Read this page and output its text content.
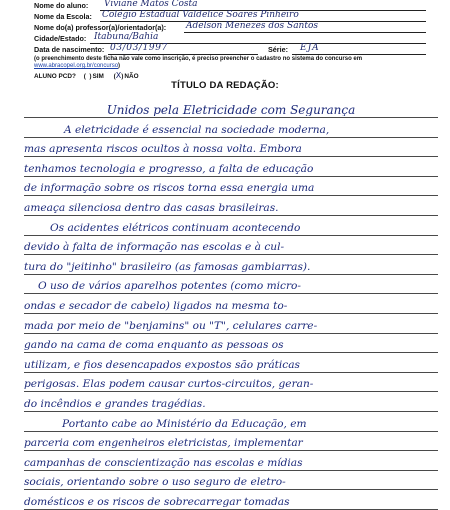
Nome do aluno: Viviane Matos Costa
Nome da Escola: Colégio Estadual Valdelice Soares Pinheiro
Nome do(a) professor(a)/orientador(a): Adelson Menezes dos Santos
Cidade/Estado: Itabuna/Bahia
Data de nascimento: 03/03/1997	Série: EJA
(o preenchimento deste ficha não vale como inscrição, é preciso preencher o cadastro no sistema do concurso em www.abracopel.org.br/concurso)
ALUNO PCD? (  )SIM (X)NÃO
TÍTULO DA REDAÇÃO:
Unidos pela Eletricidade com Segurança
A eletricidade é essencial na sociedade moderna,
mas apresenta riscos ocultos à nossa volta. Embora
tenhamos tecnologia e progresso, a falta de educação
de informação sobre os riscos torna essa energia uma
ameaça silenciosa dentro das casas brasileiras.
Os acidentes elétricos continuam acontecendo
devido à falta de informação nas escolas e à cul-
tura do "jeitinho" brasileiro (as famosas gambiarras).
O uso de vários aparelhos potentes (como micro-
ondas e secador de cabelo) ligados na mesma to-
mada por meio de "benjamins" ou "T", celulares carre-
gando na cama de coma enquanto as pessoas os
utilizam, e fios desencapados expostos são práticas
perigosas. Elas podem causar curtos-circuitos, geran-
do incêndios e grandes tragédias.
Portanto cabe ao Ministério da Educação, em
parceria com engenheiros eletricistas, implementar
campanhas de conscientização nas escolas e mídias
sociais, orientando sobre o uso seguro de eletro-
domésticos e os riscos de sobrecarregar tomadas
